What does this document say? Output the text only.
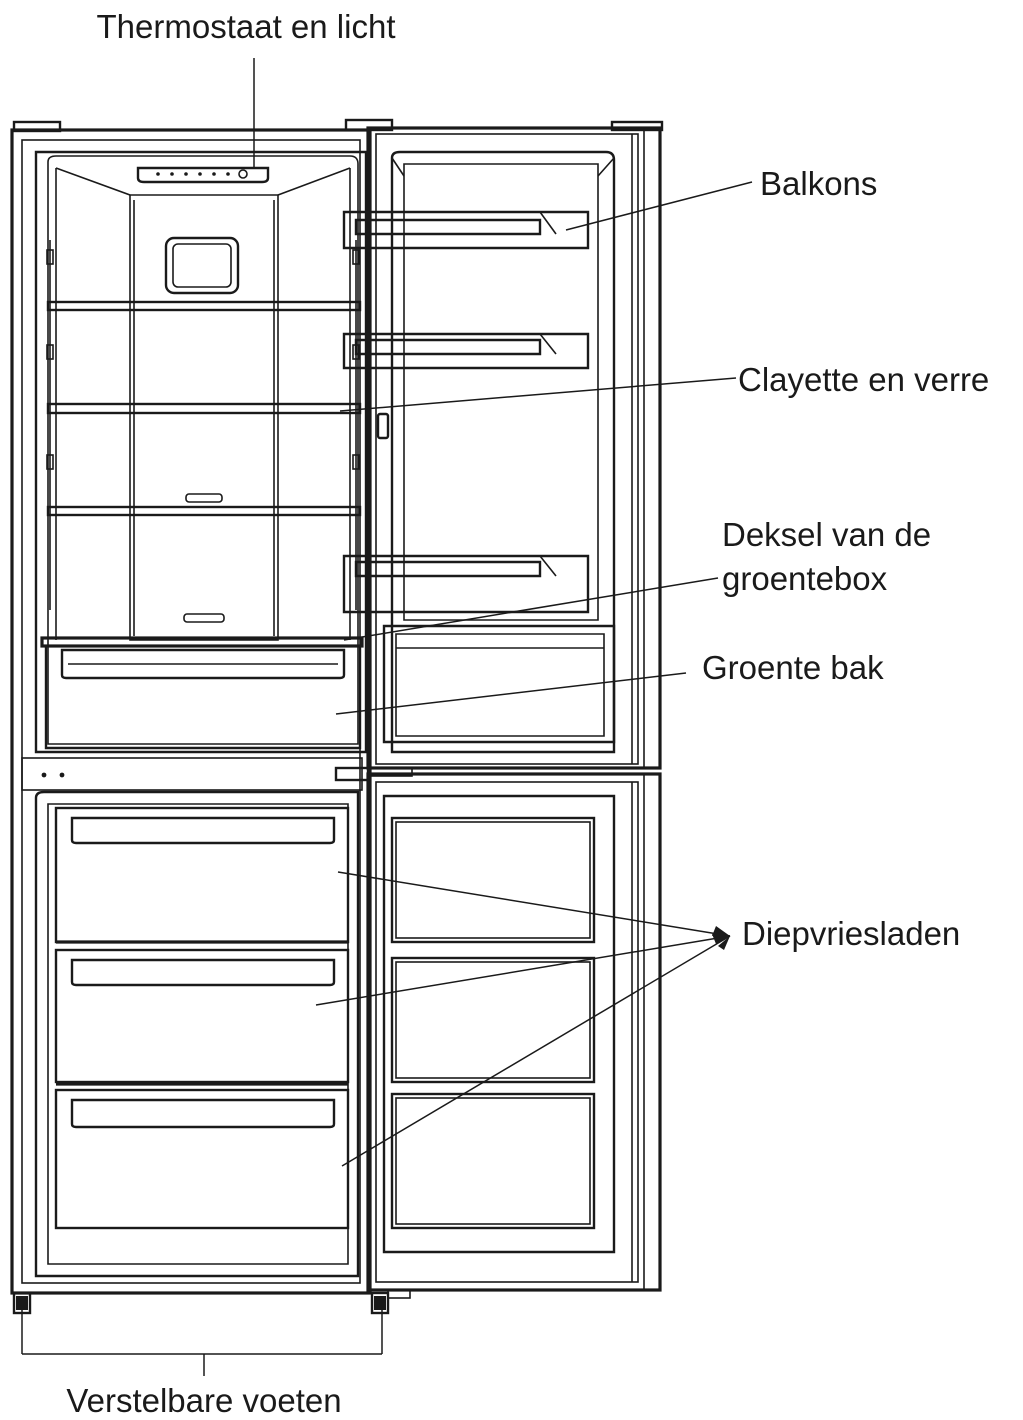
Thermostaat en licht
Balkons
Clayette en verre
Deksel van de
groentebox
Groente bak
Diepvriesladen
Verstelbare voeten
